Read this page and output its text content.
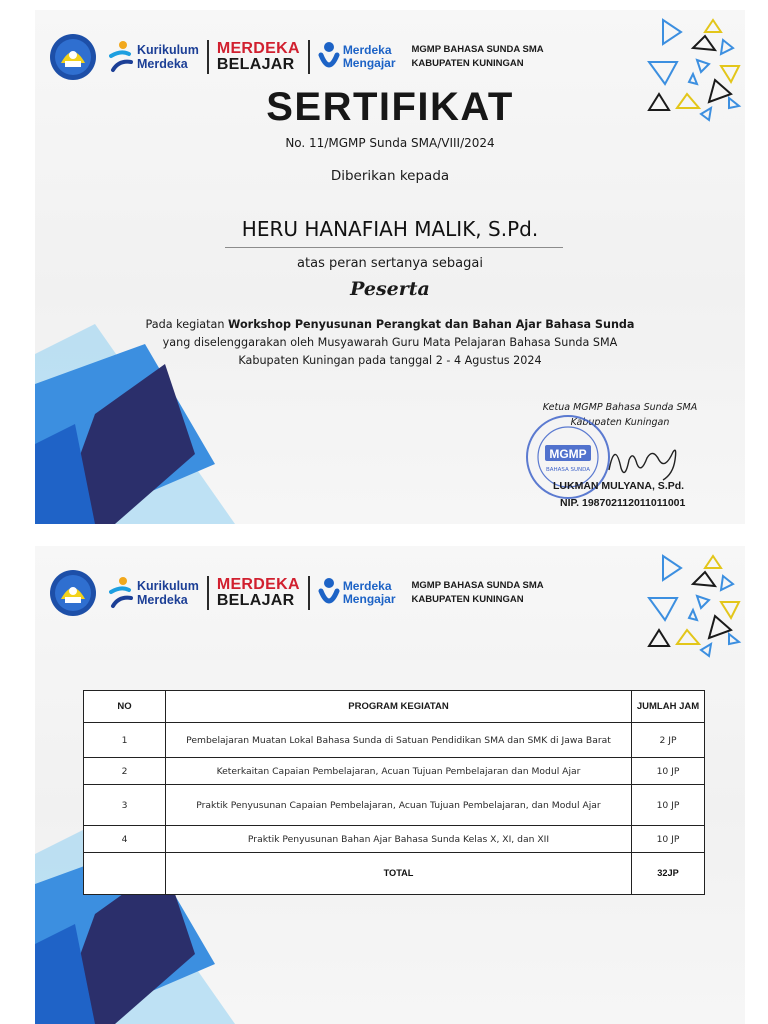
Kurikulum
Merdeka
MERDEKA
BELAJAR
Merdeka
Mengajar
MGMP BAHASA SUNDA SMA
KABUPATEN KUNINGAN
SERTIFIKAT
No. 11/MGMP Sunda SMA/VIII/2024
Diberikan kepada
HERU HANAFIAH MALIK, S.Pd.
atas peran sertanya sebagai
Peserta
Pada kegiatan Workshop Penyusunan Perangkat dan Bahan Ajar Bahasa Sunda
yang diselenggarakan oleh Musyawarah Guru Mata Pelajaran Bahasa Sunda SMA
Kabupaten Kuningan pada tanggal 2 - 4 Agustus 2024
Ketua MGMP Bahasa Sunda SMA
Kabupaten Kuningan
MGMP
BAHASA SUNDA
LUKMAN MULYANA, S.Pd.
NIP. 198702112011011001
Kurikulum
Merdeka
MERDEKA
BELAJAR
Merdeka
Mengajar
MGMP BAHASA SUNDA SMA
KABUPATEN KUNINGAN
NO	PROGRAM KEGIATAN	JUMLAH JAM
1	Pembelajaran Muatan Lokal Bahasa Sunda di Satuan Pendidikan SMA dan SMK di Jawa Barat	2 JP
2	Keterkaitan Capaian Pembelajaran, Acuan Tujuan Pembelajaran dan Modul Ajar	10 JP
3	Praktik Penyusunan Capaian Pembelajaran, Acuan Tujuan Pembelajaran, dan Modul Ajar	10 JP
4	Praktik Penyusunan Bahan Ajar Bahasa Sunda Kelas X, XI, dan XII	10 JP
	TOTAL	32JP
